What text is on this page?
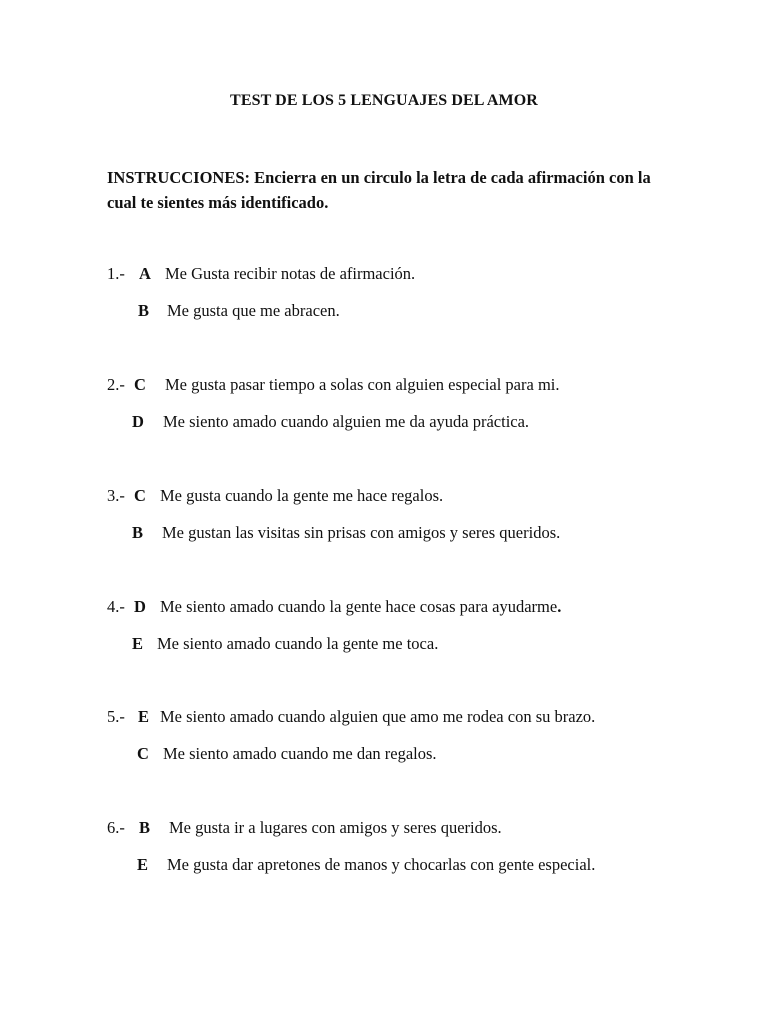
TEST DE LOS 5 LENGUAJES DEL AMOR
INSTRUCCIONES: Encierra en un circulo la letra de cada afirmación con la cual te sientes más identificado.
1.- A Me Gusta recibir notas de afirmación.
B Me gusta que me abracen.
2.- C Me gusta pasar tiempo a solas con alguien especial para mi.
D Me siento amado cuando alguien me da ayuda práctica.
3.- C Me gusta cuando la gente me hace regalos.
B Me gustan las visitas sin prisas con amigos y seres queridos.
4.- D Me siento amado cuando la gente hace cosas para ayudarme.
E Me siento amado cuando la gente me toca.
5.- E Me siento amado cuando alguien que amo me rodea con su brazo.
C Me siento amado cuando me dan regalos.
6.- B Me gusta ir a lugares con amigos y seres queridos.
E Me gusta dar apretones de manos y chocarlas con gente especial.
